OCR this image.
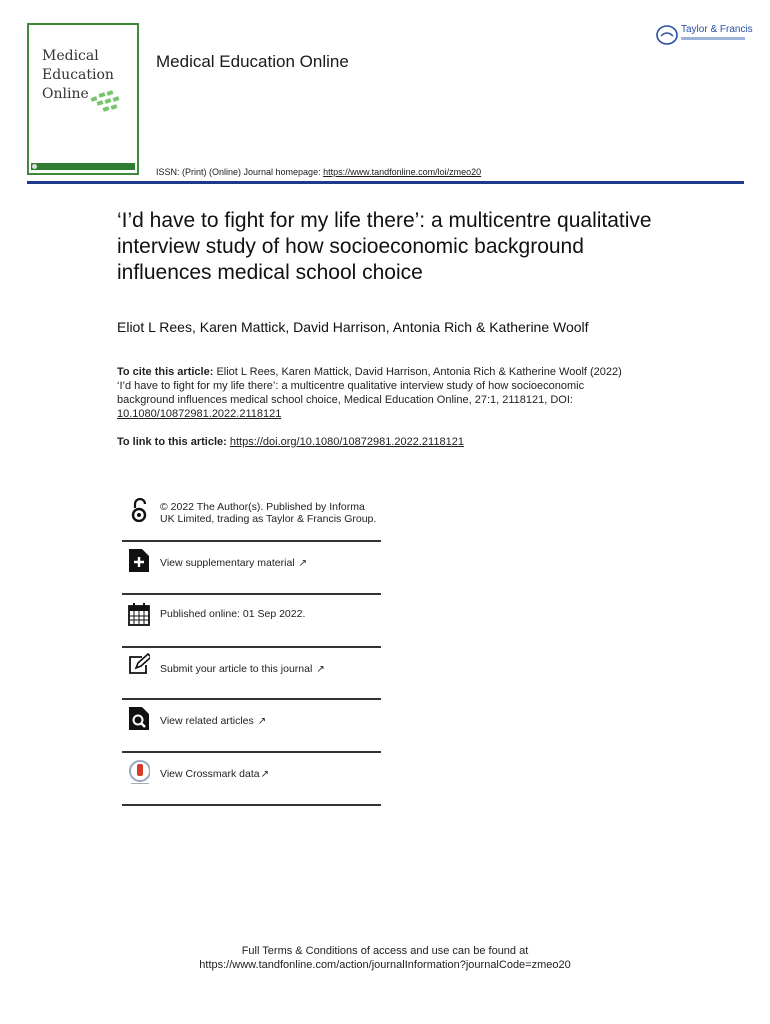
Medical
Education
Online
Medical Education Online
ISSN: (Print) (Online) Journal homepage: https://www.tandfonline.com/loi/zmeo20
Taylor & Francis
‘I’d have to fight for my life there’: a multicentre qualitative interview study of how socioeconomic background influences medical school choice
Eliot L Rees, Karen Mattick, David Harrison, Antonia Rich & Katherine Woolf
To cite this article: Eliot L Rees, Karen Mattick, David Harrison, Antonia Rich & Katherine Woolf (2022) ‘I’d have to fight for my life there’: a multicentre qualitative interview study of how socioeconomic background influences medical school choice, Medical Education Online, 27:1, 2118121, DOI: 10.1080/10872981.2022.2118121
To link to this article: https://doi.org/10.1080/10872981.2022.2118121
© 2022 The Author(s). Published by Informa UK Limited, trading as Taylor & Francis Group.
View supplementary material ↗
Published online: 01 Sep 2022.
Submit your article to this journal ↗
View related articles ↗
View Crossmark data↗
Full Terms & Conditions of access and use can be found at
https://www.tandfonline.com/action/journalInformation?journalCode=zmeo20
